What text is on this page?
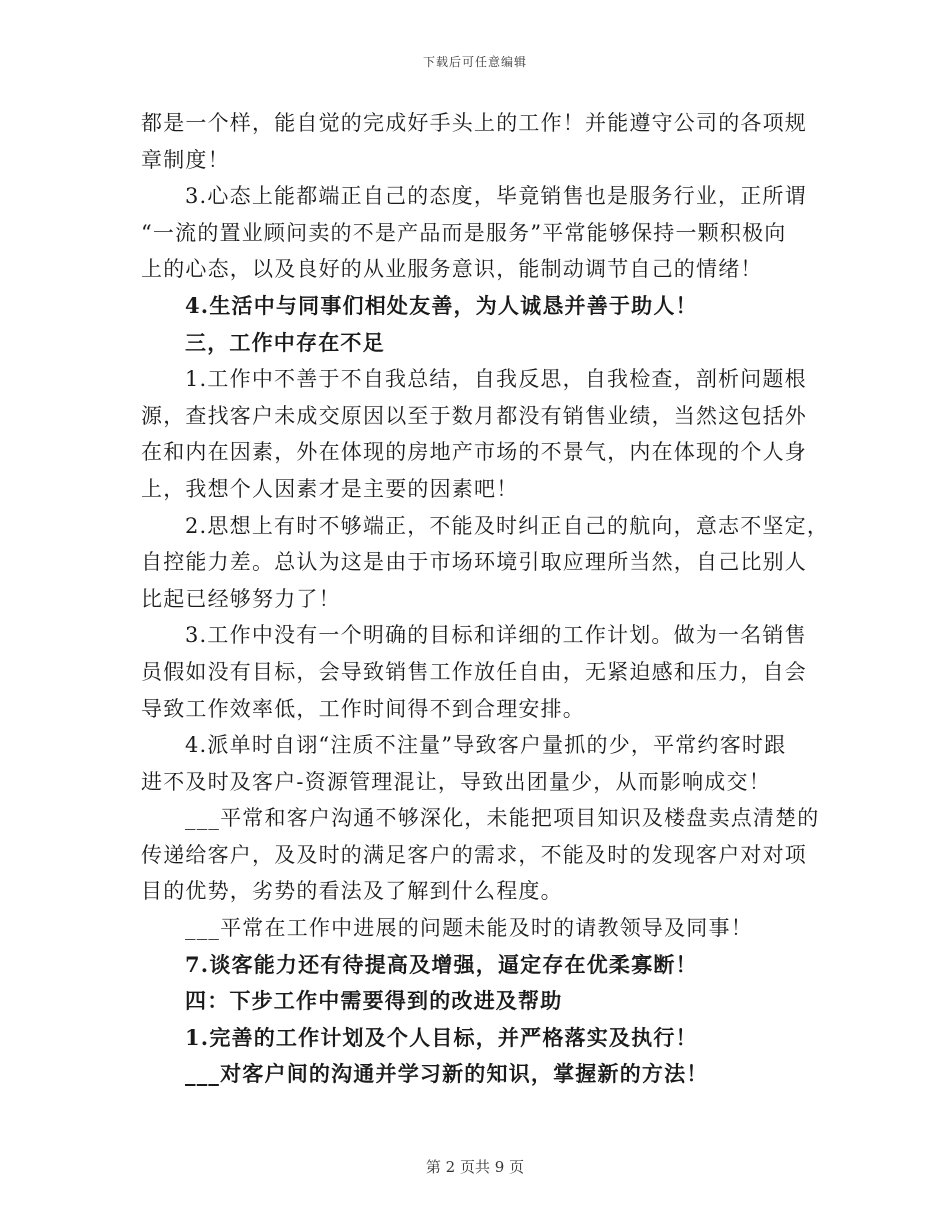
下载后可任意编辑
都是一个样，能自觉的完成好手头上的工作！并能遵守公司的各项规
章制度！
3.心态上能都端正自己的态度，毕竟销售也是服务行业，正所谓
“一流的置业顾问卖的不是产品而是服务”平常能够保持一颗积极向
上的心态，以及良好的从业服务意识，能制动调节自己的情绪！
4.生活中与同事们相处友善，为人诚恳并善于助人！
三，工作中存在不足
1.工作中不善于不自我总结，自我反思，自我检查，剖析问题根
源，查找客户未成交原因以至于数月都没有销售业绩，当然这包括外
在和内在因素，外在体现的房地产市场的不景气，内在体现的个人身
上，我想个人因素才是主要的因素吧！
2.思想上有时不够端正，不能及时纠正自己的航向，意志不坚定，
自控能力差。总认为这是由于市场环境引取应理所当然，自己比别人
比起已经够努力了！
3.工作中没有一个明确的目标和详细的工作计划。做为一名销售
员假如没有目标，会导致销售工作放任自由，无紧迫感和压力，自会
导致工作效率低，工作时间得不到合理安排。
4.派单时自诩“注质不注量”导致客户量抓的少，平常约客时跟
进不及时及客户-资源管理混让，导致出团量少，从而影响成交！
___平常和客户沟通不够深化，未能把项目知识及楼盘卖点清楚的
传递给客户，及及时的满足客户的需求，不能及时的发现客户对对项
目的优势，劣势的看法及了解到什么程度。
___平常在工作中进展的问题未能及时的请教领导及同事！
7.谈客能力还有待提高及增强，逼定存在优柔寡断！
四：下步工作中需要得到的改进及帮助
1.完善的工作计划及个人目标，并严格落实及执行！
___对客户间的沟通并学习新的知识，掌握新的方法！
第 2 页共 9 页
